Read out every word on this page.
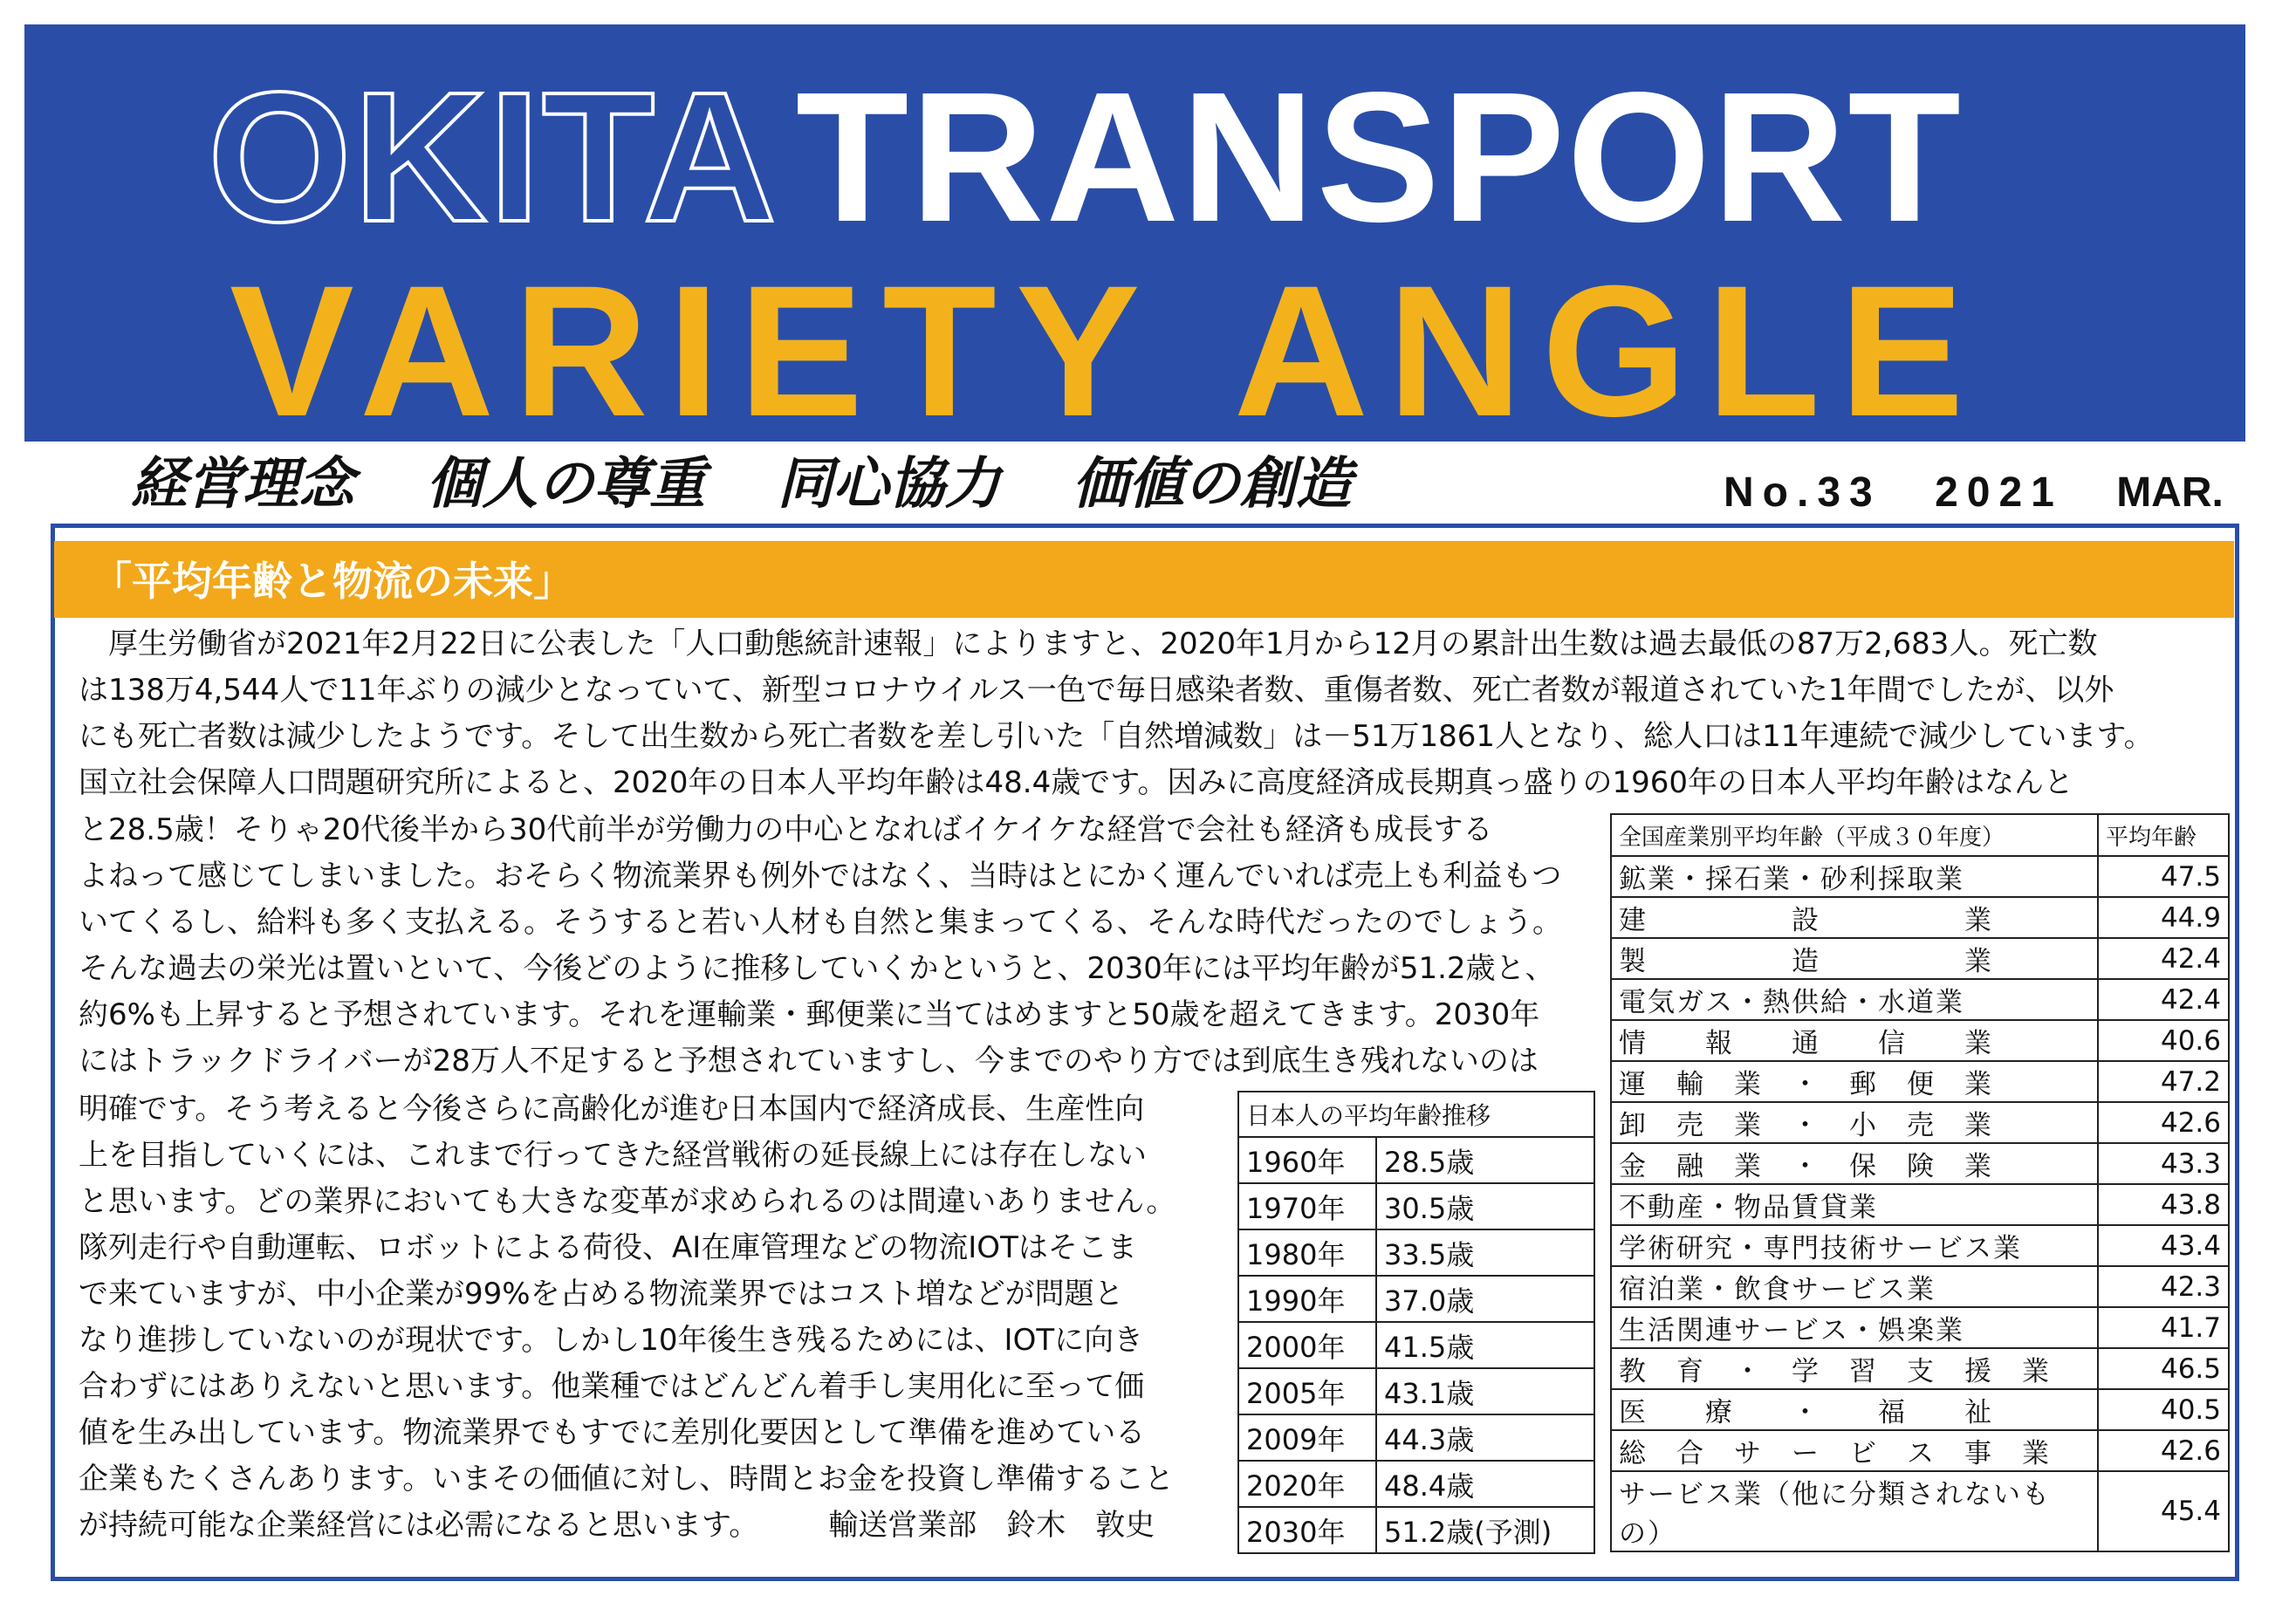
OKITATRANSPORT
VARIETY ANGLE
経営理念 個人の尊重 同心協力 価値の創造	No.33 2021 MAR.
「平均年齢と物流の未来」
　厚生労働省が2021年2月22日に公表した「人口動態統計速報」によりますと、2020年1月から12月の累計出生数は過去最低の87万2,683人。死亡数
は138万4,544人で11年ぶりの減少となっていて、新型コロナウイルス一色で毎日感染者数、重傷者数、死亡者数が報道されていた1年間でしたが、以外
にも死亡者数は減少したようです。そして出生数から死亡者数を差し引いた「自然増減数」は－51万1861人となり、総人口は11年連続で減少しています。
国立社会保障人口問題研究所によると、2020年の日本人平均年齢は48.4歳です。因みに高度経済成長期真っ盛りの1960年の日本人平均年齢はなんと
と28.5歳！そりゃ20代後半から30代前半が労働力の中心となればイケイケな経営で会社も経済も成長する
よねって感じてしまいました。おそらく物流業界も例外ではなく、当時はとにかく運んでいれば売上も利益もつ
いてくるし、給料も多く支払える。そうすると若い人材も自然と集まってくる、そんな時代だったのでしょう。
そんな過去の栄光は置いといて、今後どのように推移していくかというと、2030年には平均年齢が51.2歳と、
約6%も上昇すると予想されています。それを運輸業・郵便業に当てはめますと50歳を超えてきます。2030年
にはトラックドライバーが28万人不足すると予想されていますし、今までのやり方では到底生き残れないのは
明確です。そう考えると今後さらに高齢化が進む日本国内で経済成長、生産性向
上を目指していくには、これまで行ってきた経営戦術の延長線上には存在しない
と思います。どの業界においても大きな変革が求められるのは間違いありません。
隊列走行や自動運転、ロボットによる荷役、AI在庫管理などの物流IOTはそこま
で来ていますが、中小企業が99%を占める物流業界ではコスト増などが問題と
なり進捗していないのが現状です。しかし10年後生き残るためには、IOTに向き
合わずにはありえないと思います。他業種ではどんどん着手し実用化に至って価
値を生み出しています。物流業界でもすでに差別化要因として準備を進めている
企業もたくさんあります。いまその価値に対し、時間とお金を投資し準備すること
が持続可能な企業経営には必需になると思います。 輸送営業部　 鈴木　敦史
日本人の平均年齢推移	
1960年	28.5歳
1970年	30.5歳
1980年	33.5歳
1990年	37.0歳
2000年	41.5歳
2005年	43.1歳
2009年	44.3歳
2020年	48.4歳
2030年	51.2歳(予測)
全国産業別平均年齢（平成３０年度）	平均年齢
鉱業・採石業・砂利採取業	47.5
建　　　　　設　　　　　業	44.9
製　　　　　造　　　　　業	42.4
電気ガス・熱供給・水道業	42.4
情　　報　　通　　信　　業	40.6
運　輸　業　・　郵　便　業	47.2
卸　売　業　・　小　売　業	42.6
金　融　業　・　保　険　業	43.3
不動産・物品賃貸業	43.8
学術研究・専門技術サービス業	43.4
宿泊業・飲食サービス業	42.3
生活関連サービス・娯楽業	41.7
教　育　・　学　習　支　援　業	46.5
医　　療　　・　　福　　祉	40.5
総　合　サ　ー　ビ　ス　事　業	42.6
サービス業（他に分類されないもの）	45.4
